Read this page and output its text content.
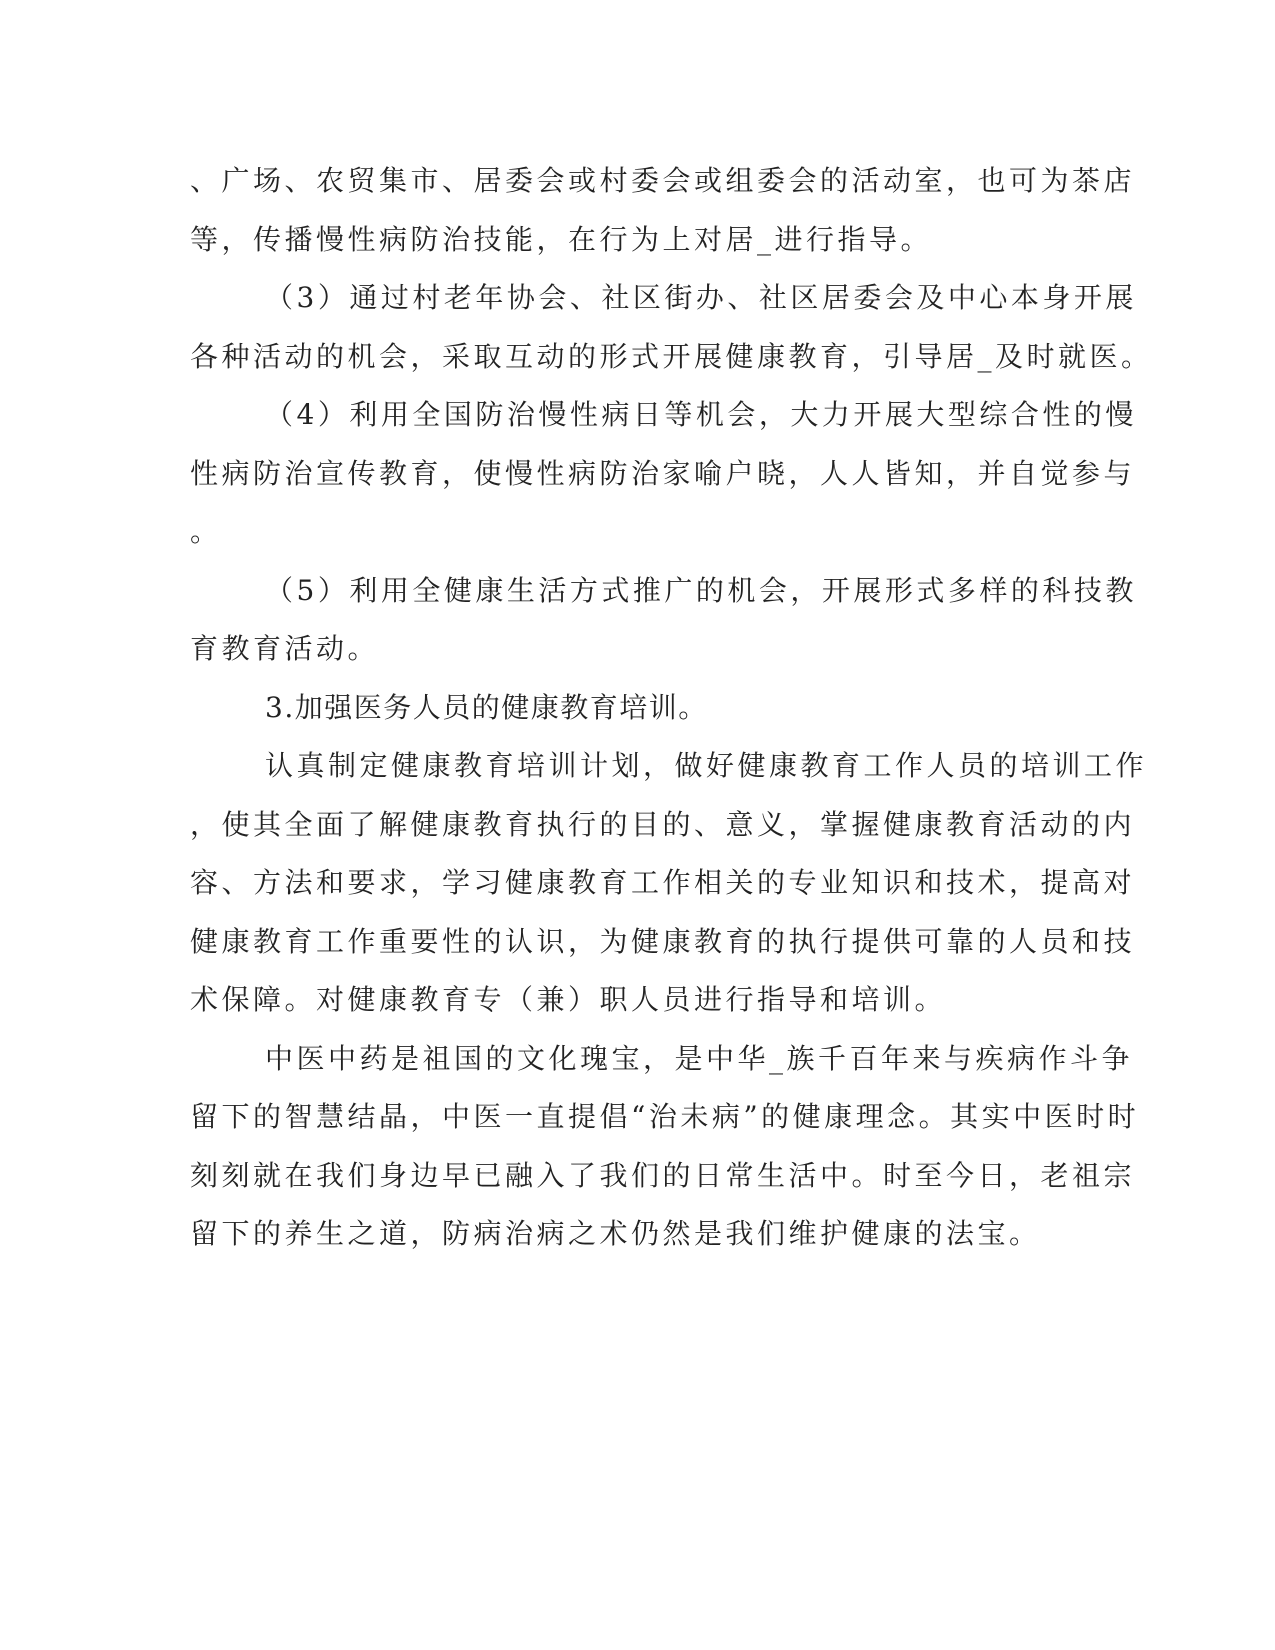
、广场、农贸集市、居委会或村委会或组委会的活动室，也可为茶店
等，传播慢性病防治技能，在行为上对居_进行指导。
（3）通过村老年协会、社区街办、社区居委会及中心本身开展
各种活动的机会，采取互动的形式开展健康教育，引导居_及时就医。
（4）利用全国防治慢性病日等机会，大力开展大型综合性的慢
性病防治宣传教育，使慢性病防治家喻户晓，人人皆知，并自觉参与
。
（5）利用全健康生活方式推广的机会，开展形式多样的科技教
育教育活动。
3.加强医务人员的健康教育培训。
认真制定健康教育培训计划，做好健康教育工作人员的培训工作
，使其全面了解健康教育执行的目的、意义，掌握健康教育活动的内
容、方法和要求，学习健康教育工作相关的专业知识和技术，提高对
健康教育工作重要性的认识，为健康教育的执行提供可靠的人员和技
术保障。对健康教育专（兼）职人员进行指导和培训。
中医中药是祖国的文化瑰宝，是中华_族千百年来与疾病作斗争
留下的智慧结晶，中医一直提倡“治未病”的健康理念。其实中医时时
刻刻就在我们身边早已融入了我们的日常生活中。时至今日，老祖宗
留下的养生之道，防病治病之术仍然是我们维护健康的法宝。
